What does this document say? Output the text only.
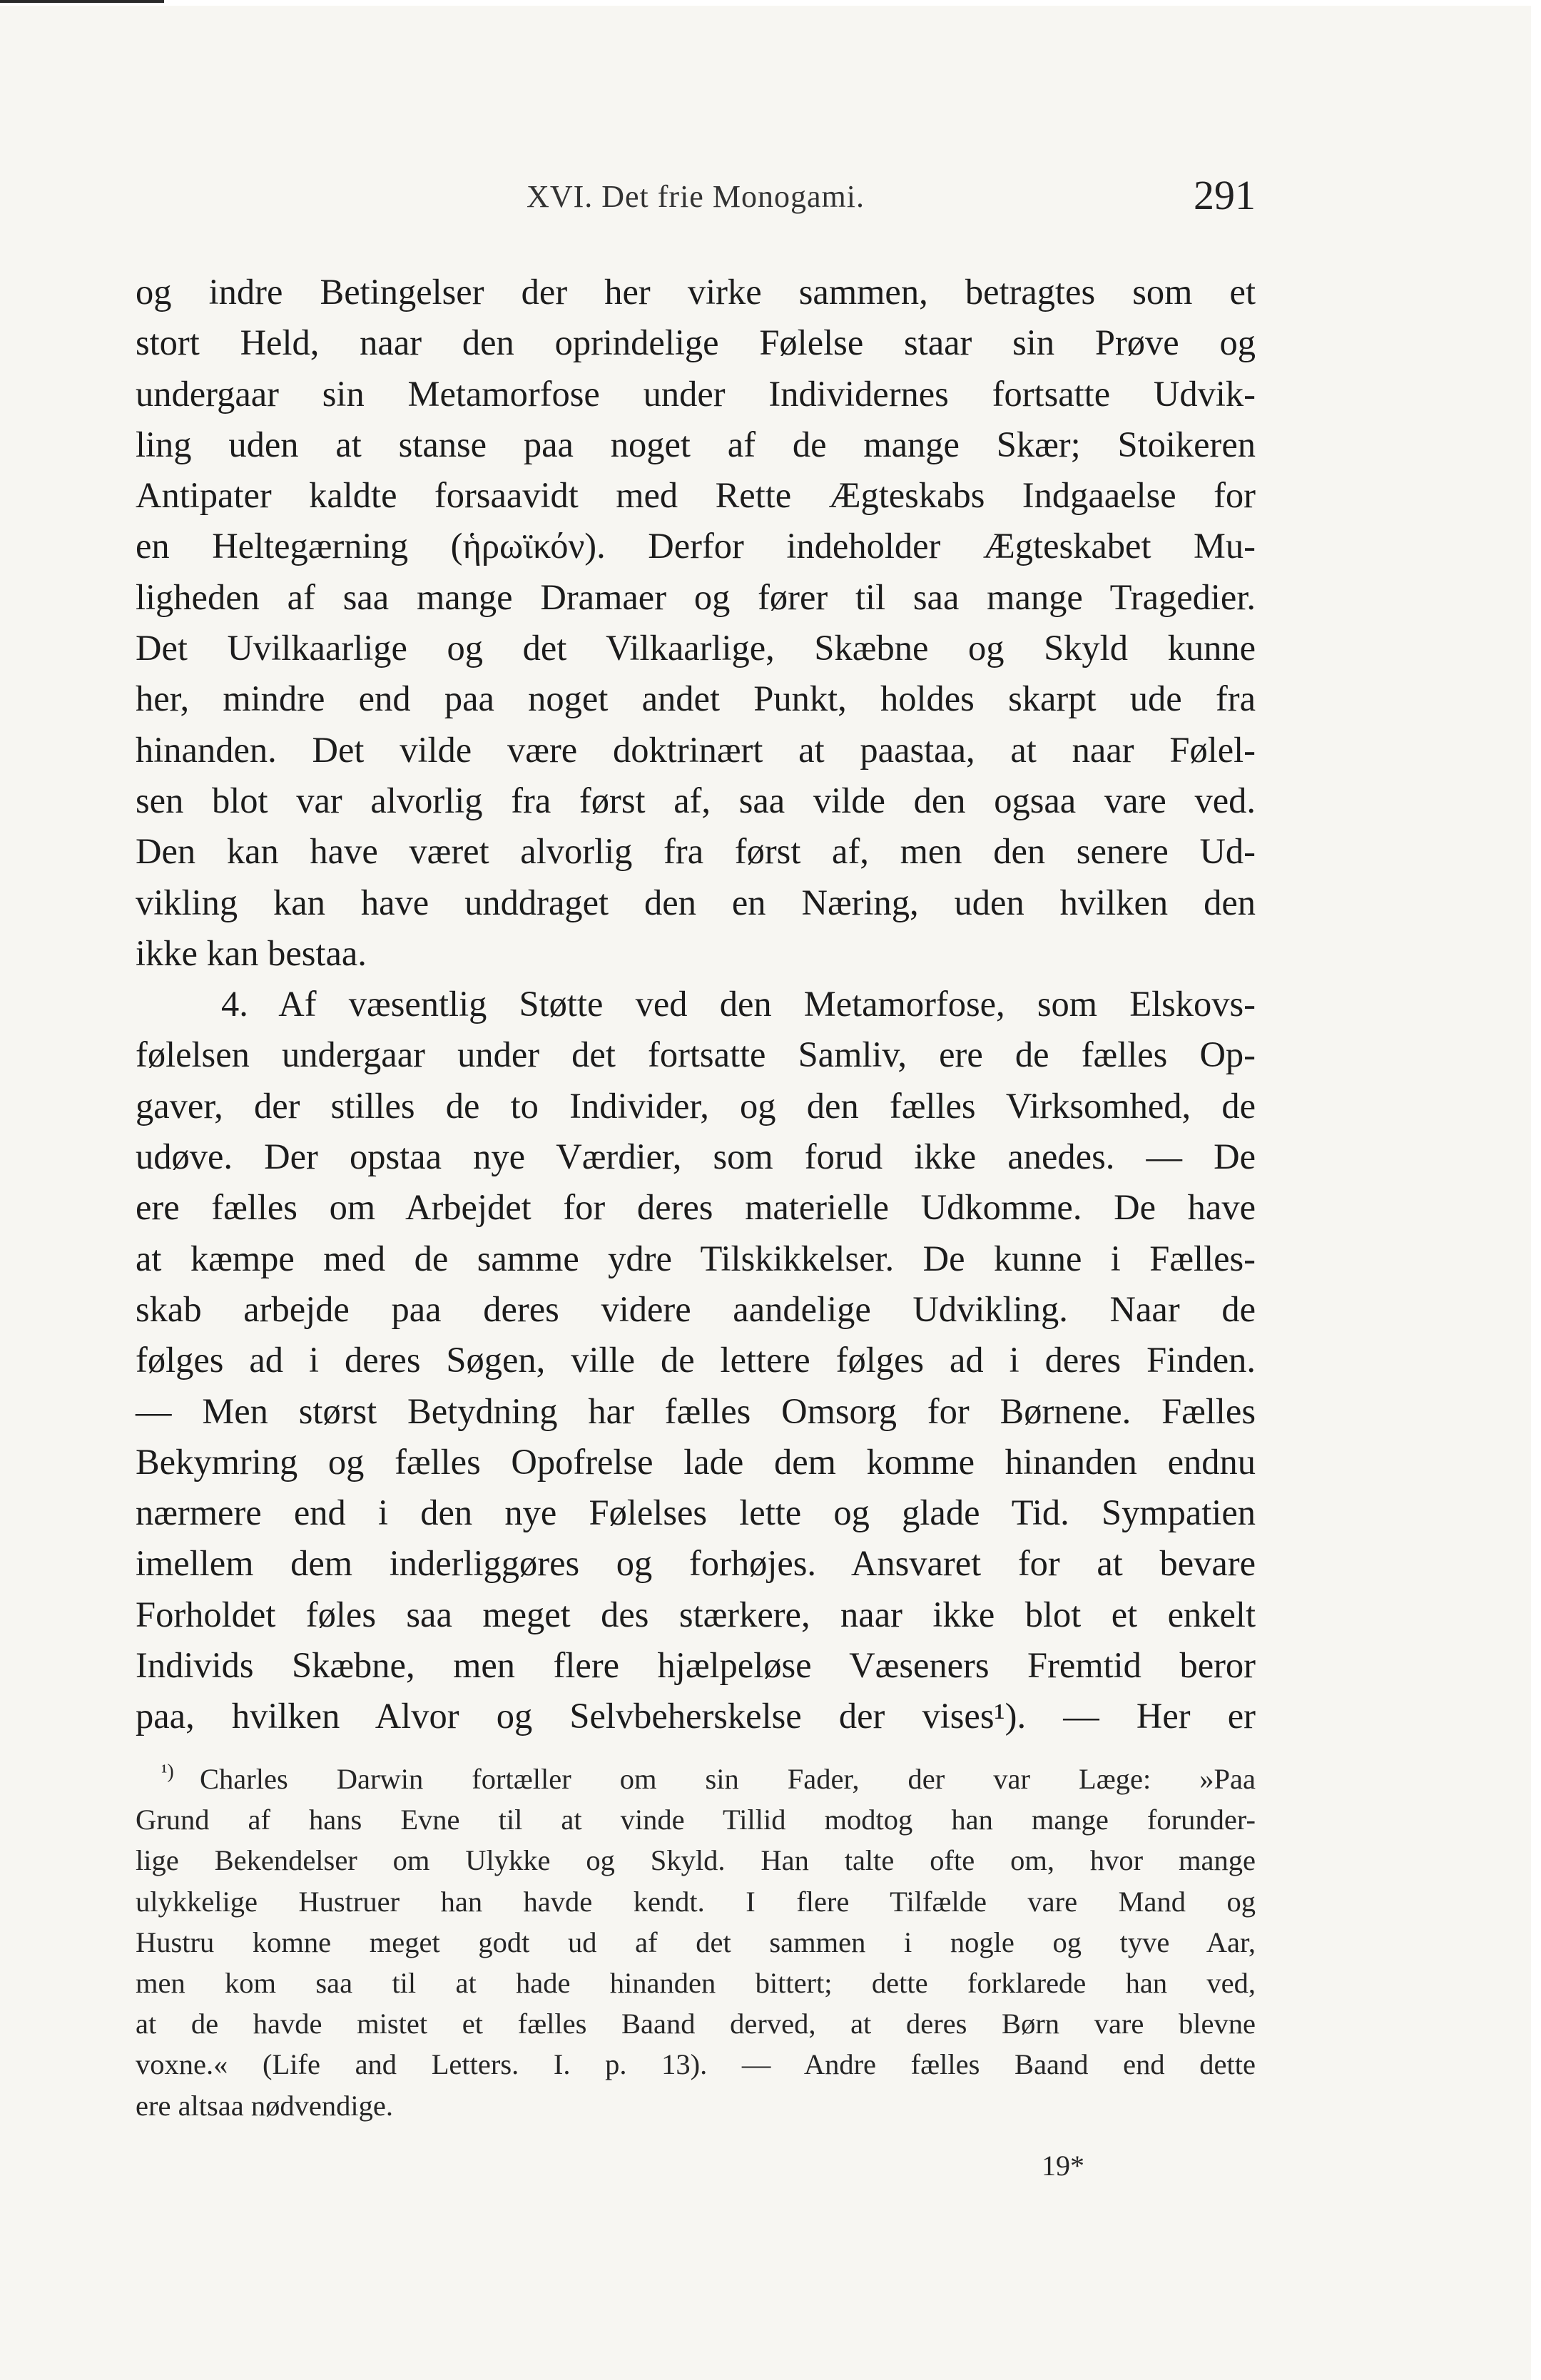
XVI. Det frie Monogami.	291
og indre Betingelser der her virke sammen, betragtes som et
stort Held, naar den oprindelige Følelse staar sin Prøve og
undergaar sin Metamorfose under Individernes fortsatte Udvik-
ling uden at stanse paa noget af de mange Skær; Stoikeren
Antipater kaldte forsaavidt med Rette Ægteskabs Indgaaelse for
en Heltegærning (ἡρωϊκόν). Derfor indeholder Ægteskabet Mu-
ligheden af saa mange Dramaer og fører til saa mange Tragedier.
Det Uvilkaarlige og det Vilkaarlige, Skæbne og Skyld kunne
her, mindre end paa noget andet Punkt, holdes skarpt ude fra
hinanden. Det vilde være doktrinært at paastaa, at naar Følel-
sen blot var alvorlig fra først af, saa vilde den ogsaa vare ved.
Den kan have været alvorlig fra først af, men den senere Ud-
vikling kan have unddraget den en Næring, uden hvilken den
ikke kan bestaa.
4. Af væsentlig Støtte ved den Metamorfose, som Elskovs-
følelsen undergaar under det fortsatte Samliv, ere de fælles Op-
gaver, der stilles de to Individer, og den fælles Virksomhed, de
udøve. Der opstaa nye Værdier, som forud ikke anedes. — De
ere fælles om Arbejdet for deres materielle Udkomme. De have
at kæmpe med de samme ydre Tilskikkelser. De kunne i Fælles-
skab arbejde paa deres videre aandelige Udvikling. Naar de
følges ad i deres Søgen, ville de lettere følges ad i deres Finden.
— Men størst Betydning har fælles Omsorg for Børnene. Fælles
Bekymring og fælles Opofrelse lade dem komme hinanden endnu
nærmere end i den nye Følelses lette og glade Tid. Sympatien
imellem dem inderliggøres og forhøjes. Ansvaret for at bevare
Forholdet føles saa meget des stærkere, naar ikke blot et enkelt
Individs Skæbne, men flere hjælpeløse Væseners Fremtid beror
paa, hvilken Alvor og Selvbeherskelse der vises¹). — Her er
¹) Charles Darwin fortæller om sin Fader, der var Læge: »Paa
Grund af hans Evne til at vinde Tillid modtog han mange forunder-
lige Bekendelser om Ulykke og Skyld. Han talte ofte om, hvor mange
ulykkelige Hustruer han havde kendt. I flere Tilfælde vare Mand og
Hustru komne meget godt ud af det sammen i nogle og tyve Aar,
men kom saa til at hade hinanden bittert; dette forklarede han ved,
at de havde mistet et fælles Baand derved, at deres Børn vare blevne
voxne.« (Life and Letters. I. p. 13). — Andre fælles Baand end dette
ere altsaa nødvendige.
19*
